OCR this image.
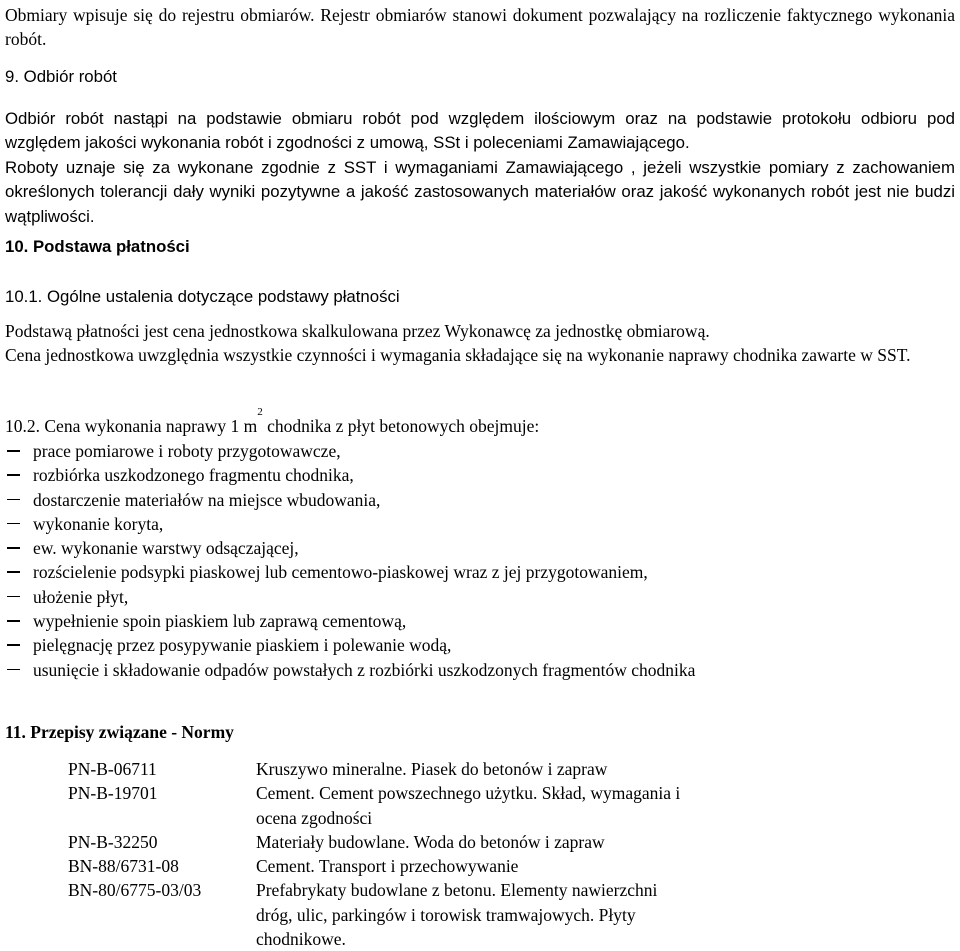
Obmiary wpisuje się do rejestru obmiarów. Rejestr obmiarów stanowi dokument pozwalający na rozliczenie faktycznego wykonania robót.

9. Odbiór robót

Odbiór robót nastąpi na podstawie obmiaru robót pod względem ilościowym oraz na podstawie protokołu odbioru pod względem jakości wykonania robót i zgodności z umową, SSt i poleceniami Zamawiającego.

Roboty uznaje się za wykonane zgodnie z SST i wymaganiami Zamawiającego , jeżeli wszystkie pomiary z zachowaniem określonych tolerancji dały wyniki pozytywne a jakość zastosowanych materiałów oraz jakość wykonanych robót jest nie budzi wątpliwości.

10. Podstawa płatności

10.1. Ogólne ustalenia dotyczące podstawy płatności

Podstawą płatności jest cena jednostkowa skalkulowana przez Wykonawcę za jednostkę obmiarową.

Cena jednostkowa uwzględnia wszystkie czynności i wymagania składające się na wykonanie naprawy chodnika zawarte w SST.

10.2. Cena wykonania naprawy 1 $m^2$ chodnika z płyt betonowych obejmuje:

prace pomiarowe i roboty przygotowawcze,
rozbiórka uszkodzonego fragmentu chodnika,
dostarczenie materiałów na miejsce wbudowania,
wykonanie koryta,
ew. wykonanie warstwy odsączającej,
rozścielenie podsypki piaskowej lub cementowo-piaskowej wraz z jej przygotowaniem,
ułożenie płyt,
wypełnienie spoin piaskiem lub zaprawą cementową,
pielęgnację przez posypywanie piaskiem i polewanie wodą,
usunięcie i składowanie odpadów powstałych z rozbiórki uszkodzonych fragmentów chodnika

11. Przepisy związane - Normy

PN-B-06711	Kruszywo mineralne. Piasek do betonów i zapraw
PN-B-19701	Cement. Cement powszechnego użytku. Skład, wymagania i
ocena zgodności
PN-B-32250	Materiały budowlane. Woda do betonów i zapraw
BN-88/6731-08	Cement. Transport i przechowywanie
BN-80/6775-03/03	Prefabrykaty budowlane z betonu. Elementy nawierzchni
dróg, ulic, parkingów i torowisk tramwajowych. Płyty
chodnikowe.
